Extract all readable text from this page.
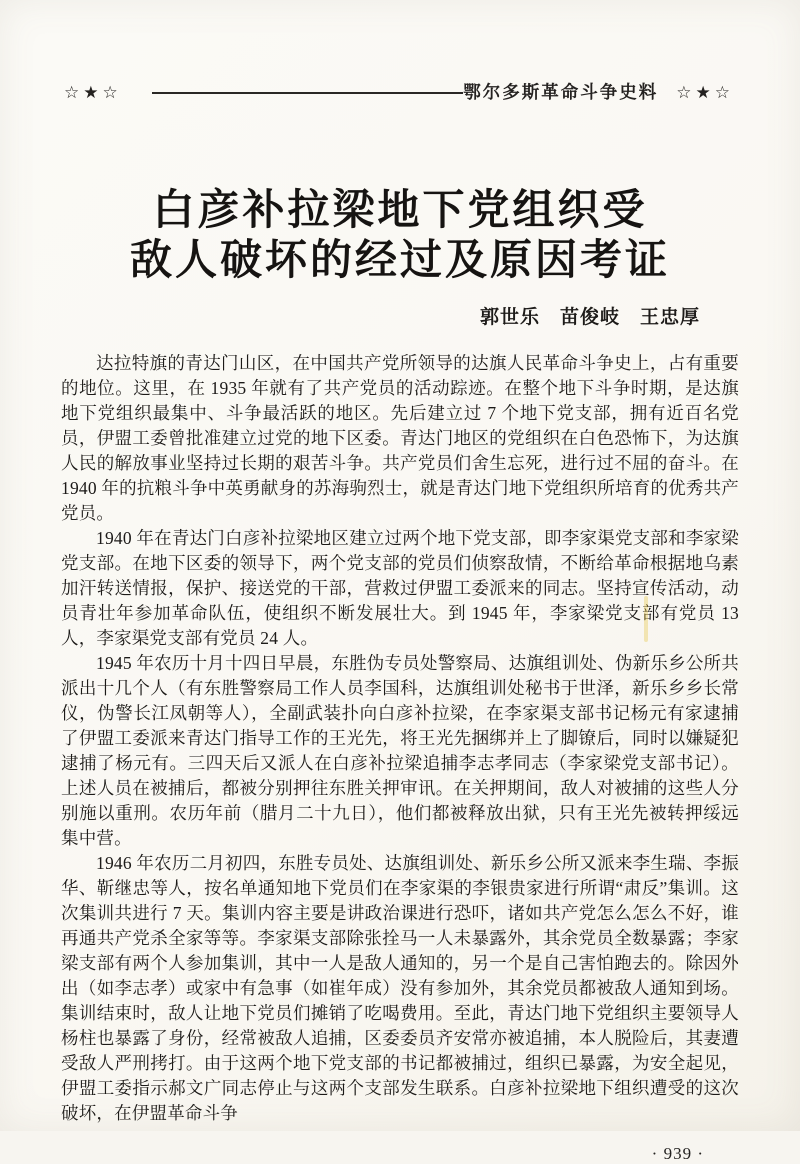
☆★☆	鄂尔多斯革命斗争史料 ☆★☆
白彦补拉梁地下党组织受
敌人破坏的经过及原因考证
郭世乐　苗俊岐　王忠厚

达拉特旗的青达门山区，在中国共产党所领导的达旗人民革命斗争史上，占有重要的地位。这里，在 1935 年就有了共产党员的活动踪迹。在整个地下斗争时期，是达旗地下党组织最集中、斗争最活跃的地区。先后建立过 7 个地下党支部，拥有近百名党员，伊盟工委曾批准建立过党的地下区委。青达门地区的党组织在白色恐怖下，为达旗人民的解放事业坚持过长期的艰苦斗争。共产党员们舍生忘死，进行过不屈的奋斗。在 1940 年的抗粮斗争中英勇献身的苏海驹烈士，就是青达门地下党组织所培育的优秀共产党员。

1940 年在青达门白彦补拉梁地区建立过两个地下党支部，即李家渠党支部和李家梁党支部。在地下区委的领导下，两个党支部的党员们侦察敌情，不断给革命根据地乌素加汗转送情报，保护、接送党的干部，营救过伊盟工委派来的同志。坚持宣传活动，动员青壮年参加革命队伍，使组织不断发展壮大。到 1945 年，李家梁党支部有党员 13 人，李家渠党支部有党员 24 人。

1945 年农历十月十四日早晨，东胜伪专员处警察局、达旗组训处、伪新乐乡公所共派出十几个人（有东胜警察局工作人员李国科，达旗组训处秘书于世泽，新乐乡乡长常仪，伪警长江凤朝等人），全副武装扑向白彦补拉梁，在李家渠支部书记杨元有家逮捕了伊盟工委派来青达门指导工作的王光先，将王光先捆绑并上了脚镣后，同时以嫌疑犯逮捕了杨元有。三四天后又派人在白彦补拉梁追捕李志孝同志（李家梁党支部书记）。上述人员在被捕后，都被分别押往东胜关押审讯。在关押期间，敌人对被捕的这些人分别施以重刑。农历年前（腊月二十九日），他们都被释放出狱，只有王光先被转押绥远集中营。

1946 年农历二月初四，东胜专员处、达旗组训处、新乐乡公所又派来李生瑞、李振华、靳继忠等人，按名单通知地下党员们在李家渠的李银贵家进行所谓“肃反”集训。这次集训共进行 7 天。集训内容主要是讲政治课进行恐吓，诸如共产党怎么怎么不好，谁再通共产党杀全家等等。李家渠支部除张拴马一人未暴露外，其余党员全数暴露；李家梁支部有两个人参加集训，其中一人是敌人通知的，另一个是自己害怕跑去的。除因外出（如李志孝）或家中有急事（如崔年成）没有参加外，其余党员都被敌人通知到场。集训结束时，敌人让地下党员们摊销了吃喝费用。至此，青达门地下党组织主要领导人杨柱也暴露了身份，经常被敌人追捕，区委委员齐安常亦被追捕，本人脱险后，其妻遭受敌人严刑拷打。由于这两个地下党支部的书记都被捕过，组织已暴露，为安全起见，伊盟工委指示郝文广同志停止与这两个支部发生联系。白彦补拉梁地下组织遭受的这次破坏，在伊盟革命斗争

· 939 ·
